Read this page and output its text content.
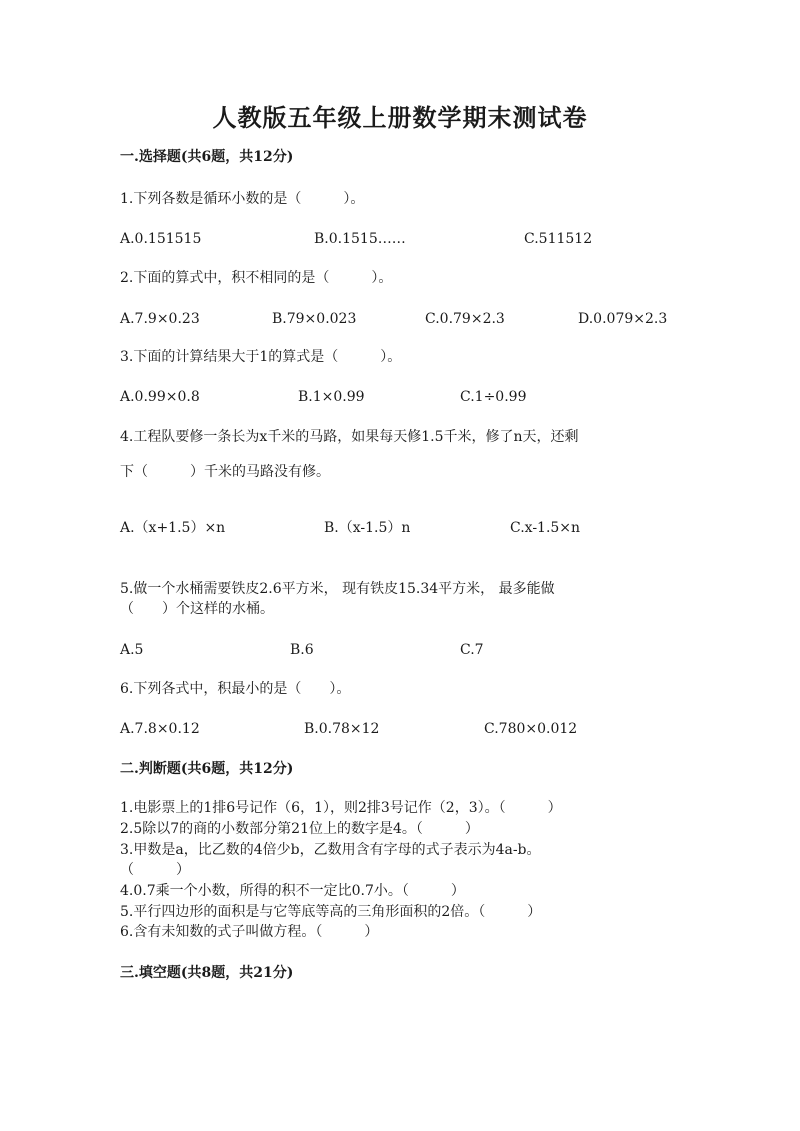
人教版五年级上册数学期末测试卷
一.选择题(共6题，共12分)
1.下列各数是循环小数的是（　　　）。
A.0.151515	B.0.1515……	C.511512
2.下面的算式中，积不相同的是（　　　）。
A.7.9×0.23	B.79×0.023	C.0.79×2.3	D.0.079×2.3
3.下面的计算结果大于1的算式是（　　　）。
A.0.99×0.8	B.1×0.99	C.1÷0.99
4.工程队要修一条长为x千米的马路，如果每天修1.5千米，修了n天，还剩
下（　　　）千米的马路没有修。
A.（x+1.5）×n	B.（x-1.5）n	C.x-1.5×n
5.做一个水桶需要铁皮2.6平方米， 现有铁皮15.34平方米， 最多能做
（　　）个这样的水桶。
A.5	B.6	C.7
6.下列各式中，积最小的是（　　）。
A.7.8×0.12	B.0.78×12	C.780×0.012
二.判断题(共6题，共12分)
1.电影票上的1排6号记作（6，1），则2排3号记作（2，3）。（　　　）
2.5除以7的商的小数部分第21位上的数字是4。（　　　）
3.甲数是a，比乙数的4倍少b，乙数用含有字母的式子表示为4a-b。
（　　　）
4.0.7乘一个小数，所得的积不一定比0.7小。（　　　）
5.平行四边形的面积是与它等底等高的三角形面积的2倍。（　　　）
6.含有未知数的式子叫做方程。（　　　）
三.填空题(共8题，共21分)
